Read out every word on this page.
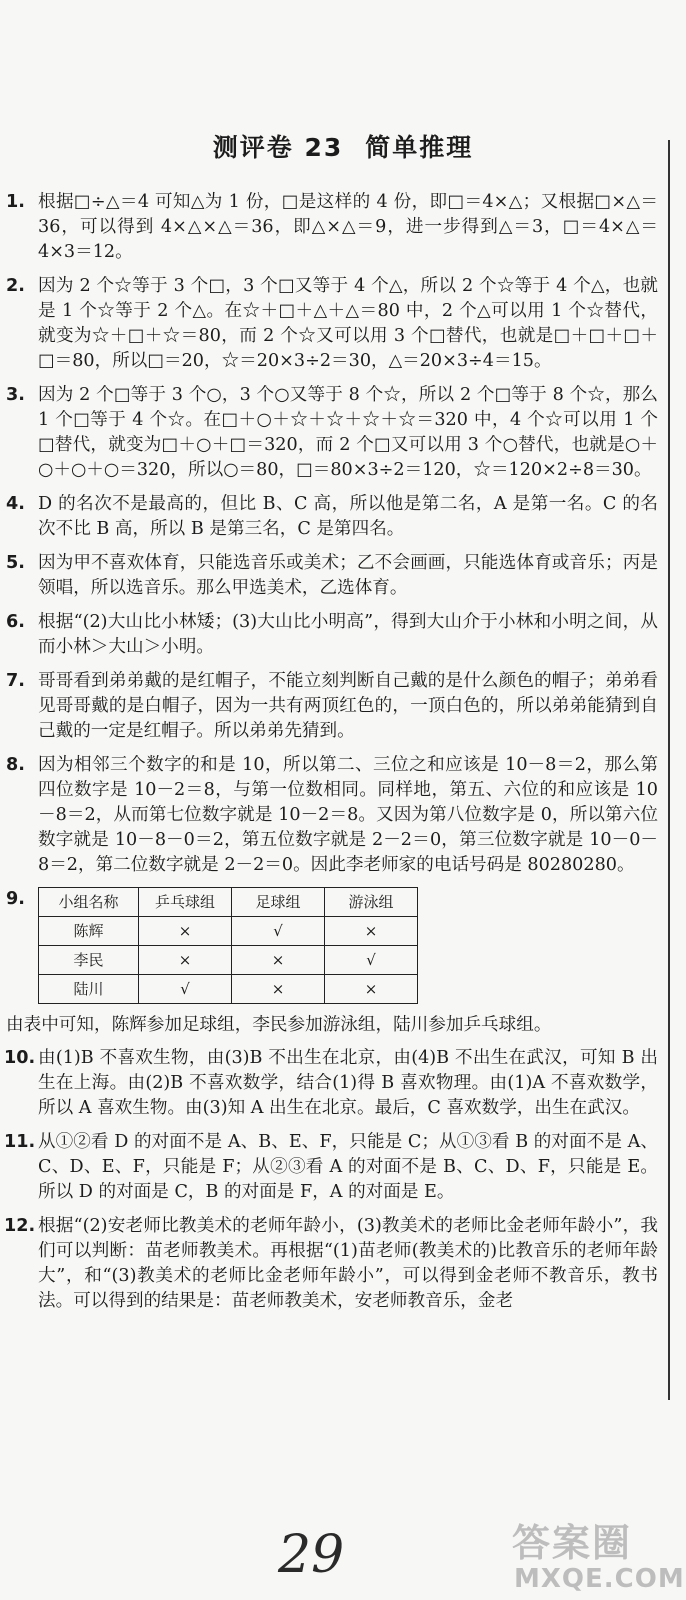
测评卷 23 简单推理
1. 根据□÷△＝4 可知△为 1 份，□是这样的 4 份，即□＝4×△；又根据□×△＝36，可以得到 4×△×△＝36，即△×△＝9，进一步得到△＝3，□＝4×△＝4×3＝12。
2. 因为 2 个☆等于 3 个□，3 个□又等于 4 个△，所以 2 个☆等于 4 个△，也就是 1 个☆等于 2 个△。在☆＋□＋△＋△＝80 中，2 个△可以用 1 个☆替代，就变为☆＋□＋☆＝80，而 2 个☆又可以用 3 个□替代，也就是□＋□＋□＋□＝80，所以□＝20，☆＝20×3÷2＝30，△＝20×3÷4＝15。
3. 因为 2 个□等于 3 个○，3 个○又等于 8 个☆，所以 2 个□等于 8 个☆，那么 1 个□等于 4 个☆。在□＋○＋☆＋☆＋☆＋☆＝320 中，4 个☆可以用 1 个□替代，就变为□＋○＋□＝320，而 2 个□又可以用 3 个○替代，也就是○＋○＋○＋○＝320，所以○＝80，□＝80×3÷2＝120，☆＝120×2÷8＝30。
4. D 的名次不是最高的，但比 B、C 高，所以他是第二名，A 是第一名。C 的名次不比 B 高，所以 B 是第三名，C 是第四名。
5. 因为甲不喜欢体育，只能选音乐或美术；乙不会画画，只能选体育或音乐；丙是领唱，所以选音乐。那么甲选美术，乙选体育。
6. 根据“(2)大山比小林矮；(3)大山比小明高”，得到大山介于小林和小明之间，从而小林＞大山＞小明。
7. 哥哥看到弟弟戴的是红帽子，不能立刻判断自己戴的是什么颜色的帽子；弟弟看见哥哥戴的是白帽子，因为一共有两顶红色的，一顶白色的，所以弟弟能猜到自己戴的一定是红帽子。所以弟弟先猜到。
8. 因为相邻三个数字的和是 10，所以第二、三位之和应该是 10－8＝2，那么第四位数字是 10－2＝8，与第一位数相同。同样地，第五、六位的和应该是 10－8＝2，从而第七位数字就是 10－2＝8。又因为第八位数字是 0，所以第六位数字就是 10－8－0＝2，第五位数字就是 2－2＝0，第三位数字就是 10－0－8＝2，第二位数字就是 2－2＝0。因此李老师家的电话号码是 80280280。
9. 小组名称	乒乓球组	足球组	游泳组
陈辉	×	√	×
李民	×	×	√
陆川	√	×	×
由表中可知，陈辉参加足球组，李民参加游泳组，陆川参加乒乓球组。
10. 由(1)B 不喜欢生物，由(3)B 不出生在北京，由(4)B 不出生在武汉，可知 B 出生在上海。由(2)B 不喜欢数学，结合(1)得 B 喜欢物理。由(1)A 不喜欢数学，所以 A 喜欢生物。由(3)知 A 出生在北京。最后，C 喜欢数学，出生在武汉。
11. 从①②看 D 的对面不是 A、B、E、F，只能是 C；从①③看 B 的对面不是 A、C、D、E、F，只能是 F；从②③看 A 的对面不是 B、C、D、F，只能是 E。所以 D 的对面是 C，B 的对面是 F，A 的对面是 E。
12. 根据“(2)安老师比教美术的老师年龄小，(3)教美术的老师比金老师年龄小”，我们可以判断：苗老师教美术。再根据“(1)苗老师(教美术的)比教音乐的老师年龄大”，和“(3)教美术的老师比金老师年龄小”，可以得到金老师不教音乐，教书法。可以得到的结果是：苗老师教美术，安老师教音乐，金老
29	答案圈
MXQE.COM
